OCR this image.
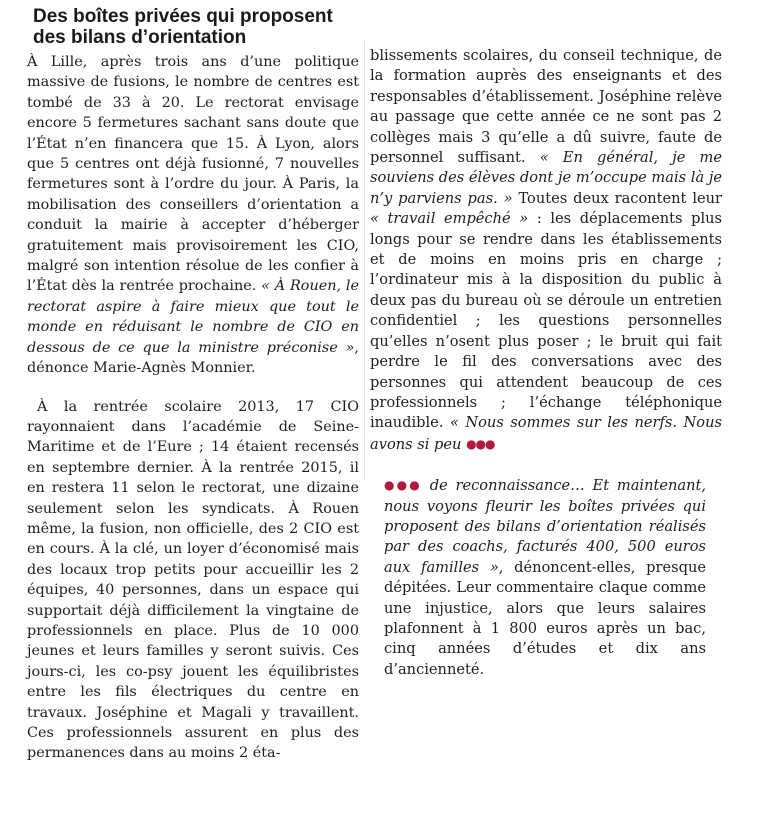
Des boîtes privées qui proposent des bilans d’orientation

À Lille, après trois ans d’une politique massive de fusions, le nombre de centres est tombé de 33 à 20. Le rectorat envisage encore 5 fermetures sachant sans doute que l’État n’en financera que 15. À Lyon, alors que 5 centres ont déjà fusionné, 7 nouvelles fermetures sont à l’ordre du jour. À Paris, la mobilisation des conseillers d’orientation a conduit la mairie à accepter d’héberger gratuitement mais provisoirement les CIO, malgré son intention résolue de les confier à l’État dès la rentrée prochaine. « À Rouen, le rectorat aspire à faire mieux que tout le monde en réduisant le nombre de CIO en dessous de ce que la ministre préconise », dénonce Marie-Agnès Monnier.

À la rentrée scolaire 2013, 17 CIO rayonnaient dans l’académie de Seine-Maritime et de l’Eure ; 14 étaient recensés en septembre dernier. À la rentrée 2015, il en restera 11 selon le rectorat, une dizaine seulement selon les syndicats. À Rouen même, la fusion, non officielle, des 2 CIO est en cours. À la clé, un loyer d’économisé mais des locaux trop petits pour accueillir les 2 équipes, 40 personnes, dans un espace qui supportait déjà difficilement la vingtaine de professionnels en place. Plus de 10 000 jeunes et leurs familles y seront suivis. Ces jours-ci, les co-psy jouent les équilibristes entre les fils électriques du centre en travaux. Joséphine et Magali y travaillent. Ces professionnels assurent en plus des permanences dans au moins 2 éta-

blissements scolaires, du conseil technique, de la formation auprès des enseignants et des responsables d’établissement. Joséphine relève au passage que cette année ce ne sont pas 2 collèges mais 3 qu’elle a dû suivre, faute de personnel suffisant. « En général, je me souviens des élèves dont je m’occupe mais là je n’y parviens pas. » Toutes deux racontent leur « travail empêché » : les déplacements plus longs pour se rendre dans les établissements et de moins en moins pris en charge ; l’ordinateur mis à la disposition du public à deux pas du bureau où se déroule un entretien confidentiel ; les questions personnelles qu’elles n’osent plus poser ; le bruit qui fait perdre le fil des conversations avec des personnes qui attendent beaucoup de ces professionnels ; l’échange téléphonique inaudible. « Nous sommes sur les nerfs. Nous avons si peu ●●●

●●● de reconnaissance… Et maintenant, nous voyons fleurir les boîtes privées qui proposent des bilans d’orientation réalisés par des coachs, facturés 400, 500 euros aux familles », dénoncent-elles, presque dépitées. Leur commentaire claque comme une injustice, alors que leurs salaires plafonnent à 1 800 euros après un bac, cinq années d’études et dix ans d’ancienneté.
